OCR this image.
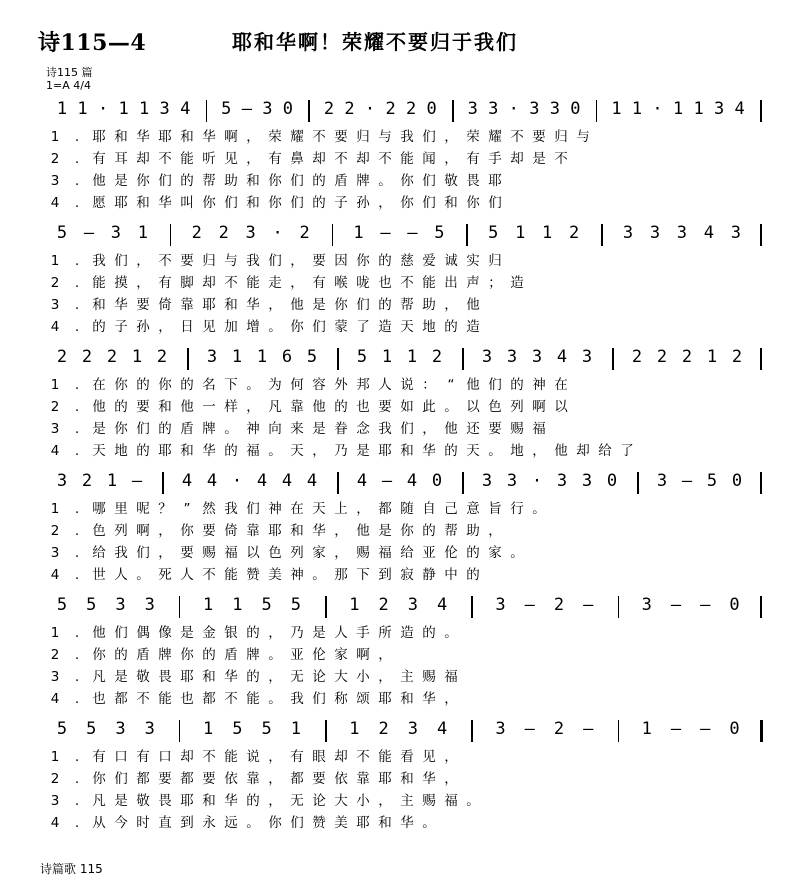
诗115—4	耶和华啊！荣耀不要归于我们
诗115 篇
1=A 4/4
1 1 · 1 1 3 4 5 – 3 0 2 2 · 2 2 0 3 3 · 3 3 0 1 1 · 1 1 3 4
1 . 耶 和 华 耶 和 华 啊 ， 荣 耀 不 要 归 与 我 们 ， 荣 耀 不 要 归 与
2 . 有 耳 却 不 能 听 见 ， 有 鼻 却 不 却 不 能 闻 ， 有 手 却 是 不
3 . 他 是 你 们 的 帮 助 和 你 们 的 盾 牌 。 你 们 敬 畏 耶
4 . 愿 耶 和 华 叫 你 们 和 你 们 的 子 孙 ， 你 们 和 你 们
5 – 3 1	2 2 3 · 2	1 – – 5	5 1 1 2	3 3 3 4 3
1 . 我 们 ， 不 要 归 与 我 们 ， 要 因 你 的 慈 爱 诚 实 归
2 . 能 摸 ， 有 脚 却 不 能 走 ， 有 喉 咙 也 不 能 出 声 ； 造
3 . 和 华 要 倚 靠 耶 和 华 ， 他 是 你 们 的 帮 助 ， 他
4 . 的 子 孙 ， 日 见 加 增 。 你 们 蒙 了 造 天 地 的 造
2 2 2 1 2 3 1 1 6 5 5 1 1 2 3 3 3 4 3 2 2 2 1 2
1 . 在 你 的 你 的 名 下 。 为 何 容 外 邦 人 说 ： “ 他 们 的 神 在
2 . 他 的 要 和 他 一 样 ， 凡 靠 他 的 也 要 如 此 。 以 色 列 啊 以
3 . 是 你 们 的 盾 牌 。 神 向 来 是 眷 念 我 们 ， 他 还 要 赐 福
4 . 天 地 的 耶 和 华 的 福 。 天 ， 乃 是 耶 和 华 的 天 。 地 ， 他 却 给 了
3 2 1 – 4 4 · 4 4 4 4 – 4 0 3 3 · 3 3 0 3 – 5 0
1 . 哪 里 呢 ？ ” 然 我 们 神 在 天 上 ， 都 随 自 己 意 旨 行 。
2 . 色 列 啊 ， 你 要 倚 靠 耶 和 华 ， 他 是 你 的 帮 助 ，
3 . 给 我 们 ， 要 赐 福 以 色 列 家 ， 赐 福 给 亚 伦 的 家 。
4 . 世 人 。 死 人 不 能 赞 美 神 。 那 下 到 寂 静 中 的
5 5 3 3	1 1 5 5	1 2 3 4	3 – 2 –	3 – – 0
1 . 他 们 偶 像 是 金 银 的 ， 乃 是 人 手 所 造 的 。
2 . 你 的 盾 牌 你 的 盾 牌 。 亚 伦 家 啊 ，
3 . 凡 是 敬 畏 耶 和 华 的 ， 无 论 大 小 ， 主 赐 福
4 . 也 都 不 能 也 都 不 能 。 我 们 称 颂 耶 和 华 ，
5 5 3 3	1 5 5 1	1 2 3 4	3 – 2 –	1 – – 0
1 . 有 口 有 口 却 不 能 说 ， 有 眼 却 不 能 看 见 ，
2 . 你 们 都 要 都 要 依 靠 ， 都 要 依 靠 耶 和 华 ，
3 . 凡 是 敬 畏 耶 和 华 的 ， 无 论 大 小 ， 主 赐 福 。
4 . 从 今 时 直 到 永 远 。 你 们 赞 美 耶 和 华 。
诗篇歌 115
